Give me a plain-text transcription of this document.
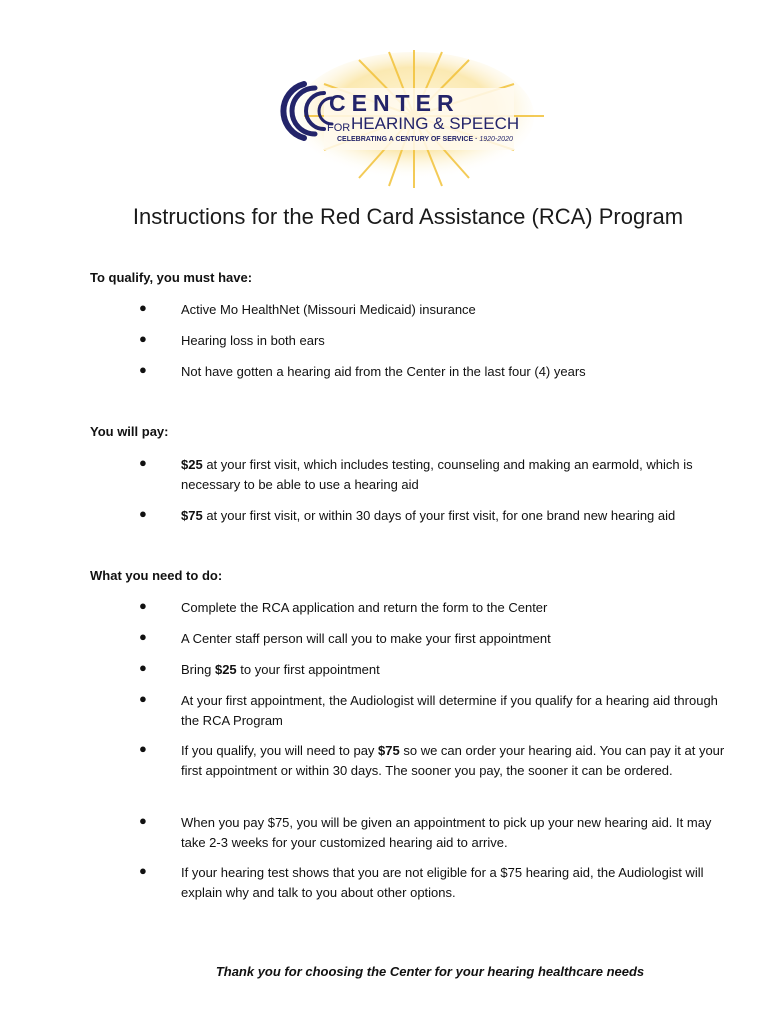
CENTER
FOR HEARING & SPEECH
CELEBRATING A CENTURY OF SERVICE · 1920-2020
Instructions for the Red Card Assistance (RCA) Program
To qualify, you must have:
●	Active Mo HealthNet (Missouri Medicaid) insurance
●	Hearing loss in both ears
●	Not have gotten a hearing aid from the Center in the last four (4) years
You will pay:
●	$25 at your first visit, which includes testing, counseling and making an earmold, which is necessary to be able to use a hearing aid
●	$75 at your first visit, or within 30 days of your first visit, for one brand new hearing aid
What you need to do:
●	Complete the RCA application and return the form to the Center
●	A Center staff person will call you to make your first appointment
●	Bring $25 to your first appointment
●	At your first appointment, the Audiologist will determine if you qualify for a hearing aid through the RCA Program
●	If you qualify, you will need to pay $75 so we can order your hearing aid. You can pay it at your first appointment or within 30 days. The sooner you pay, the sooner it can be ordered.
●	When you pay $75, you will be given an appointment to pick up your new hearing aid. It may take 2-3 weeks for your customized hearing aid to arrive.
●	If your hearing test shows that you are not eligible for a $75 hearing aid, the Audiologist will explain why and talk to you about other options.
Thank you for choosing the Center for your hearing healthcare needs
